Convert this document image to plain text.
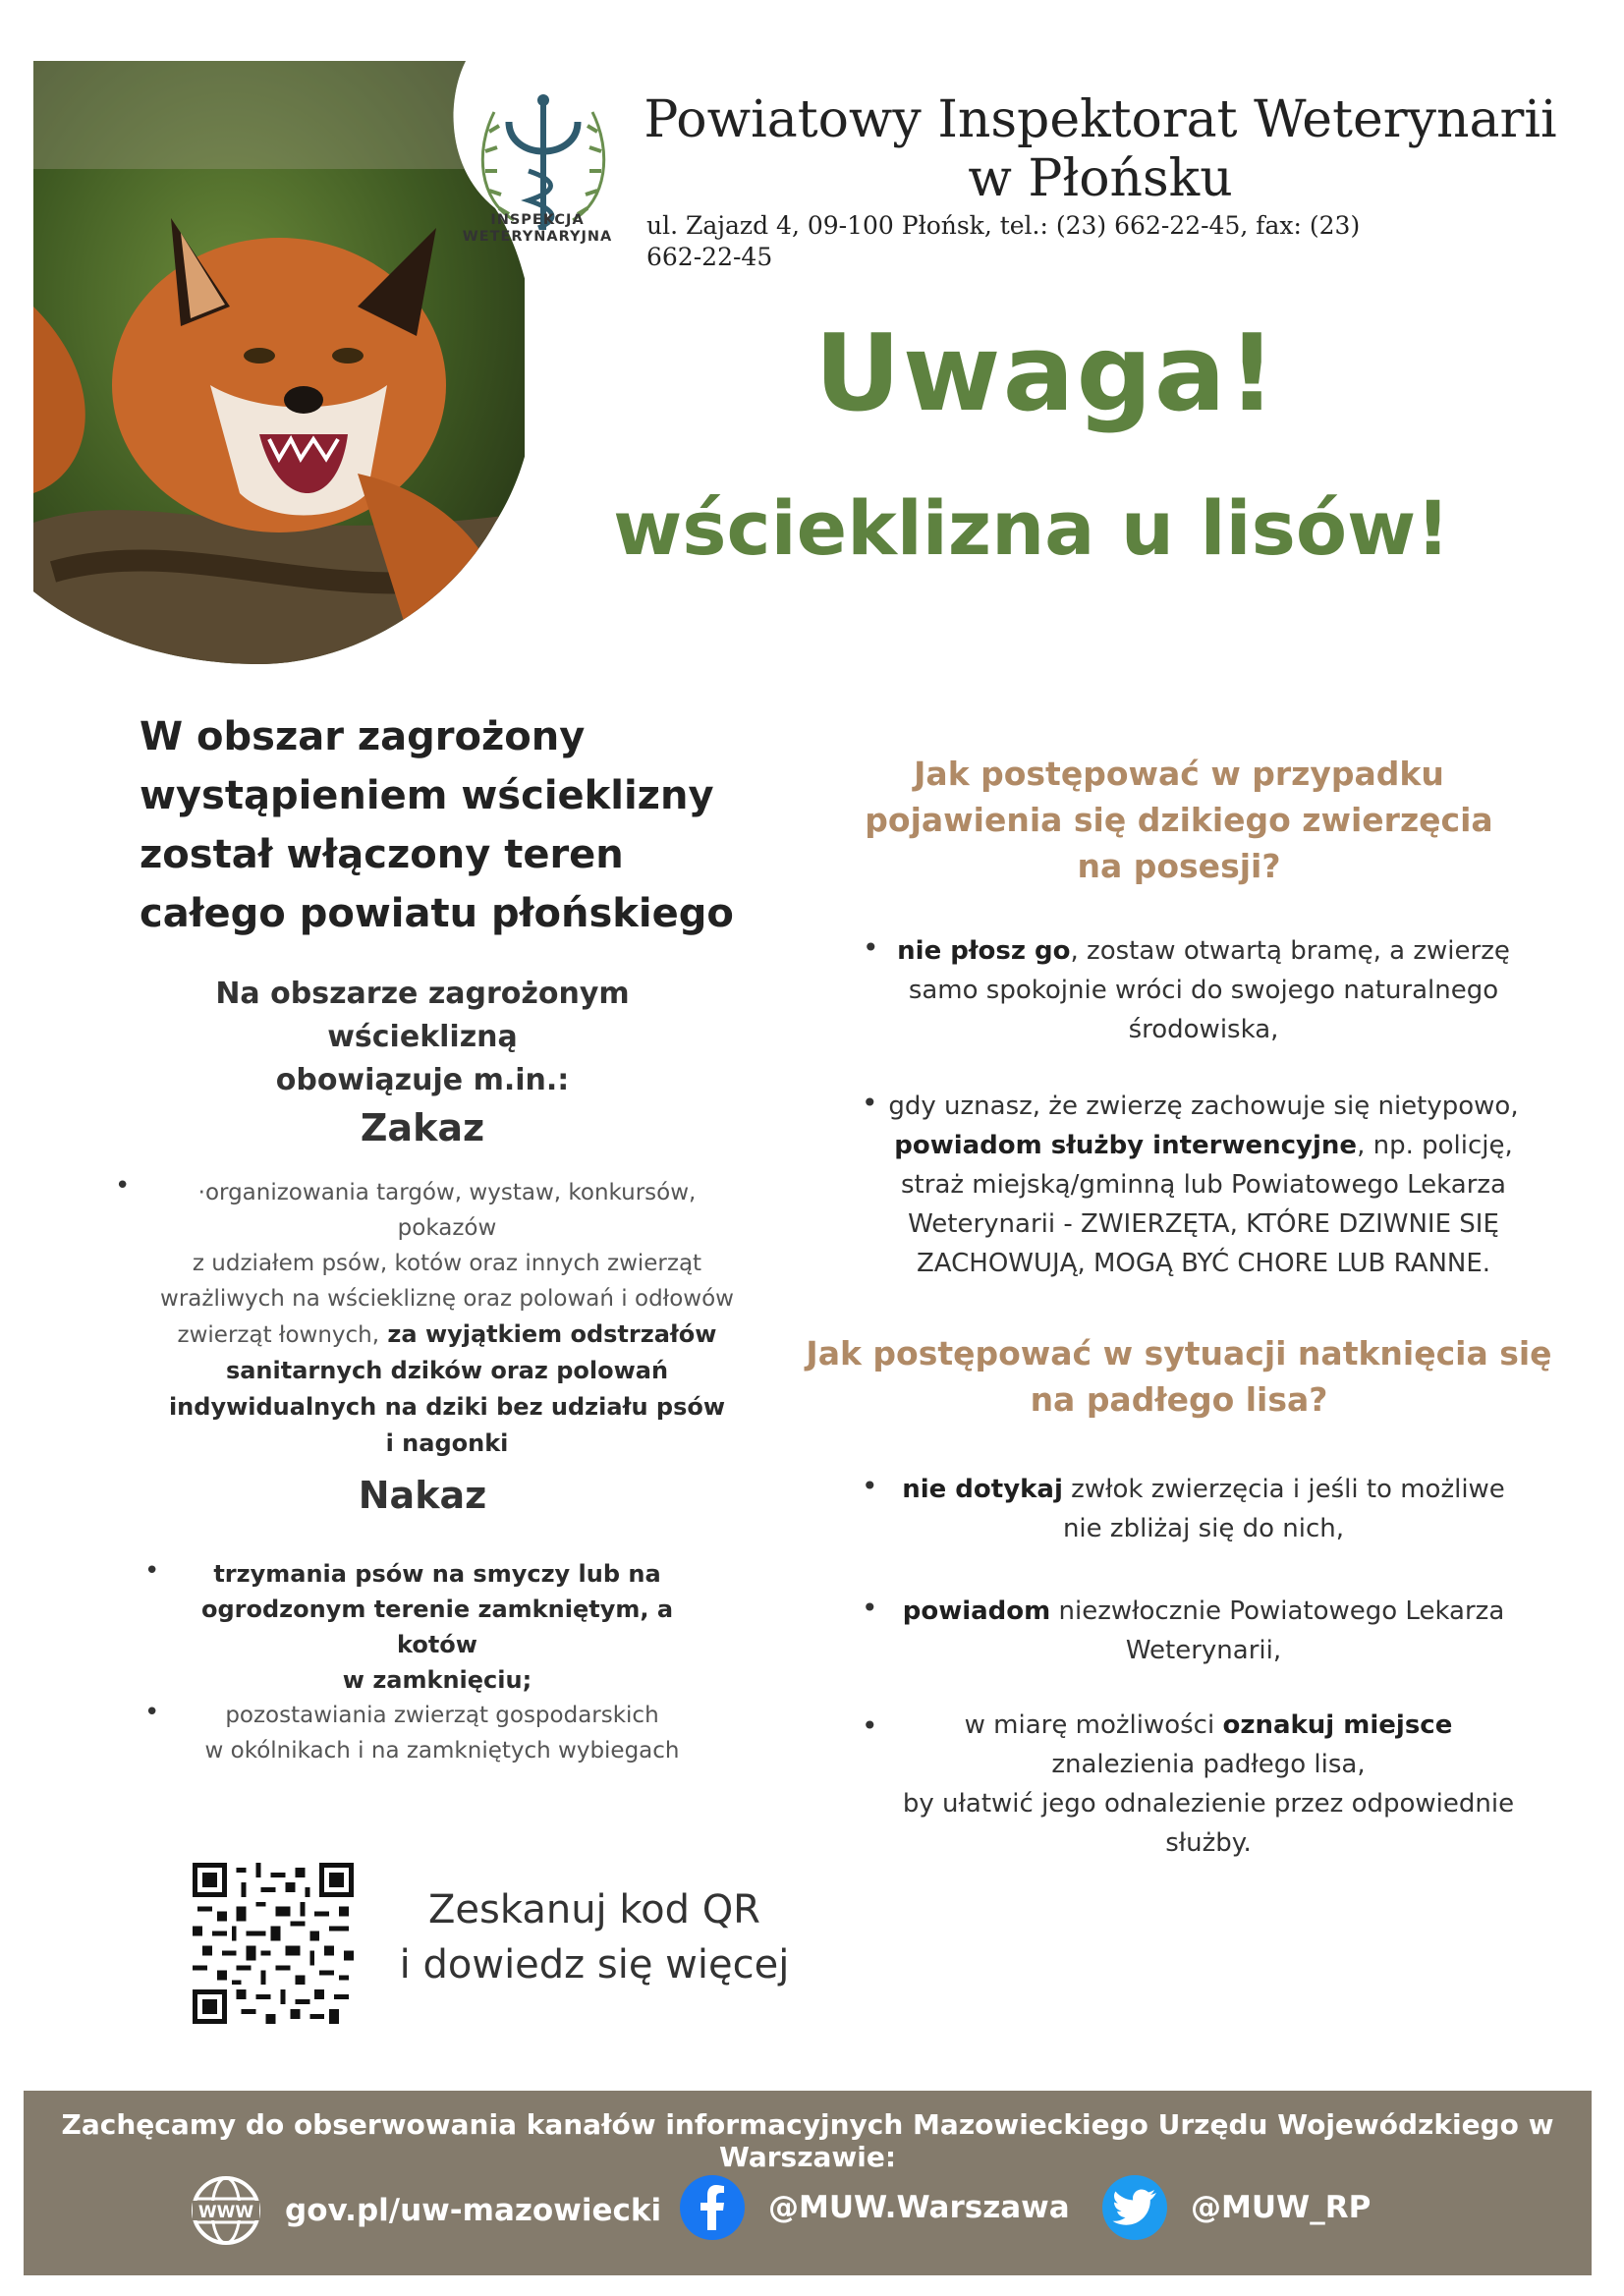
INSPEKCJA
WETERYNARYJNA
Powiatowy Inspektorat Weterynarii
w Płońsku
ul. Zajazd 4, 09-100 Płońsk, tel.: (23) 662-22-45, fax: (23)
662-22-45
Uwaga!
wścieklizna u lisów!
W obszar zagrożony
wystąpieniem wścieklizny
został włączony teren
całego powiatu płońskiego
Na obszarze zagrożonym wścieklizną
obowiązuje m.in.:
Zakaz
•	·organizowania targów, wystaw, konkursów, pokazów
z udziałem psów, kotów oraz innych zwierząt
wrażliwych na wściekliznę oraz polowań i odłowów
zwierząt łownych, za wyjątkiem odstrzałów
sanitarnych dzików oraz polowań
indywidualnych na dziki bez udziału psów
i nagonki
Nakaz
•	trzymania psów na smyczy lub na
ogrodzonym terenie zamkniętym, a kotów
w zamknięciu;
•	pozostawiania zwierząt gospodarskich
w okólnikach i na zamkniętych wybiegach
Zeskanuj kod QR
i dowiedz się więcej
Jak postępować w przypadku
pojawienia się dzikiego zwierzęcia
na posesji?
• nie płosz go, zostaw otwartą bramę, a zwierzę
samo spokojnie wróci do swojego naturalnego
środowiska,
• gdy uznasz, że zwierzę zachowuje się nietypowo,
powiadom służby interwencyjne, np. policję,
straż miejską/gminną lub Powiatowego Lekarza
Weterynarii - ZWIERZĘTA, KTÓRE DZIWNIE SIĘ
ZACHOWUJĄ, MOGĄ BYĆ CHORE LUB RANNE.
Jak postępować w sytuacji natknięcia się
na padłego lisa?
• nie dotykaj zwłok zwierzęcia i jeśli to możliwe
nie zbliżaj się do nich,
• powiadom niezwłocznie Powiatowego Lekarza
Weterynarii,
•	w miarę możliwości oznakuj miejsce
znalezienia padłego lisa,
by ułatwić jego odnalezienie przez odpowiednie
służby.
Zachęcamy do obserwowania kanałów informacyjnych Mazowieckiego Urzędu Wojewódzkiego w Warszawie:
WWW gov.pl/uw-mazowiecki	@MUW.Warszawa	@MUW_RP
